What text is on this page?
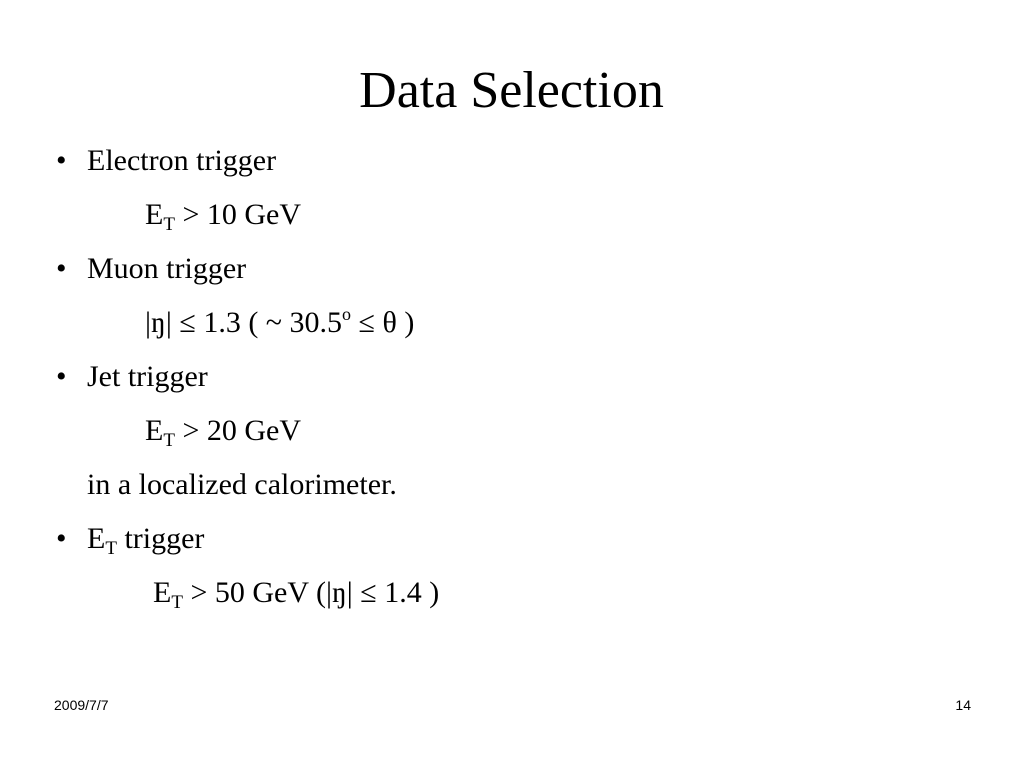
Data Selection
• Electron trigger
$E_T > 10$ GeV
• Muon trigger
|ŋ| ≤ 1.3 ( ~ $30.5^o \le \theta$ )
• Jet trigger
$E_T > 20$ GeV
in a localized calorimeter.
• $E_T$ trigger
$E_T > 50$ GeV (|ŋ| ≤ 1.4 )
2009/7/7	14
